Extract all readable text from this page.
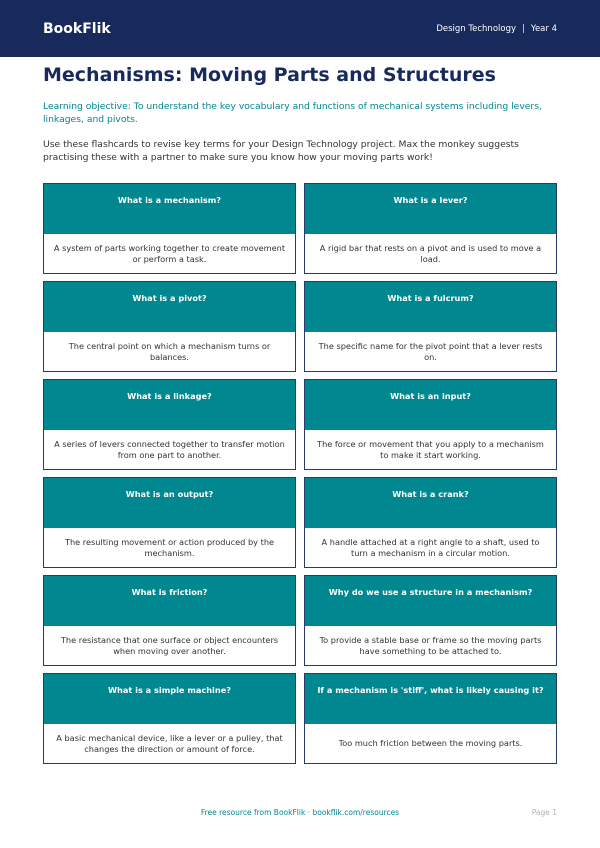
BookFlik	Design Technology | Year 4
Mechanisms: Moving Parts and Structures

Learning objective: To understand the key vocabulary and functions of mechanical systems including levers, linkages, and pivots.

Use these flashcards to revise key terms for your Design Technology project. Max the monkey suggests practising these with a partner to make sure you know how your moving parts work!

What is a mechanism?
A system of parts working together to create movement or perform a task.
What is a lever?
A rigid bar that rests on a pivot and is used to move a load.
What is a pivot?
The central point on which a mechanism turns or balances.
What is a fulcrum?
The specific name for the pivot point that a lever rests on.
What is a linkage?
A series of levers connected together to transfer motion from one part to another.
What is an input?
The force or movement that you apply to a mechanism to make it start working.
What is an output?
The resulting movement or action produced by the mechanism.
What is a crank?
A handle attached at a right angle to a shaft, used to turn a mechanism in a circular motion.
What is friction?
The resistance that one surface or object encounters when moving over another.
Why do we use a structure in a mechanism?
To provide a stable base or frame so the moving parts have something to be attached to.
What is a simple machine?
A basic mechanical device, like a lever or a pulley, that changes the direction or amount of force.
If a mechanism is 'stiff', what is likely causing it?
Too much friction between the moving parts.
Free resource from BookFlik · bookflik.com/resources	Page 1
